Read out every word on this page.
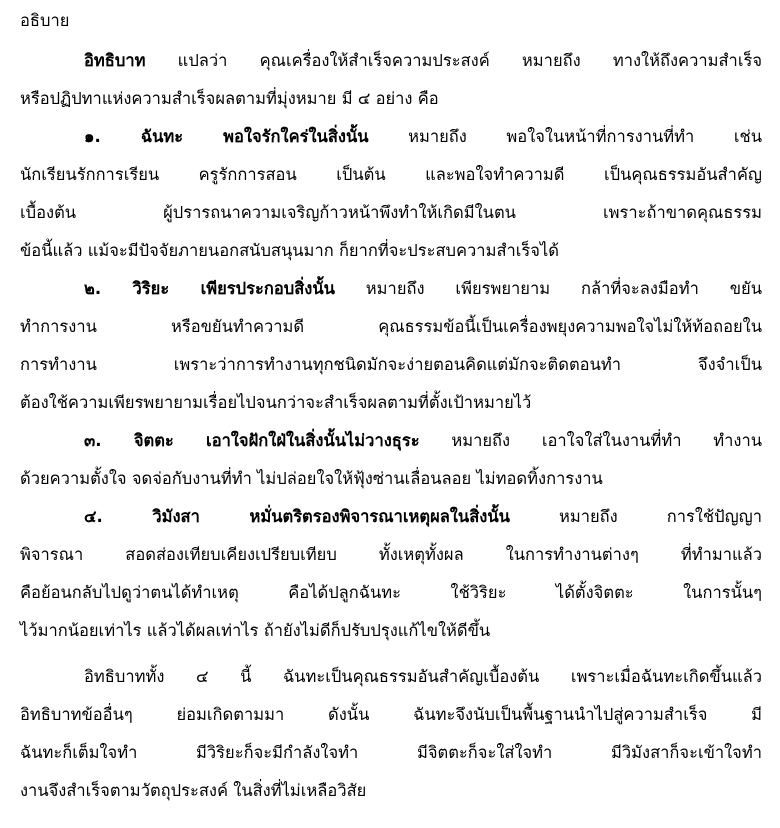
อธิบาย
อิทธิบาท แปลว่า คุณเครื่องให้สำเร็จความประสงค์ หมายถึง ทางให้ถึงความสำเร็จ
หรือปฏิปทาแห่งความสำเร็จผลตามที่มุ่งหมาย มี ๔ อย่าง คือ
๑. ฉันทะ พอใจรักใคร่ในสิ่งนั้น หมายถึง พอใจในหน้าที่การงานที่ทำ เช่น
นักเรียนรักการเรียน ครูรักการสอน เป็นต้น และพอใจทำความดี เป็นคุณธรรมอันสำคัญ
เบื้องต้น ผู้ปรารถนาความเจริญก้าวหน้าพึงทำให้เกิดมีในตน เพราะถ้าขาดคุณธรรม
ข้อนี้แล้ว แม้จะมีปัจจัยภายนอกสนับสนุนมาก ก็ยากที่จะประสบความสำเร็จได้
๒. วิริยะ เพียรประกอบสิ่งนั้น หมายถึง เพียรพยายาม กล้าที่จะลงมือทำ ขยัน
ทำการงาน หรือขยันทำความดี คุณธรรมข้อนี้เป็นเครื่องพยุงความพอใจไม่ให้ท้อถอยใน
การทำงาน เพราะว่าการทำงานทุกชนิดมักจะง่ายตอนคิดแต่มักจะติดตอนทำ จึงจำเป็น
ต้องใช้ความเพียรพยายามเรื่อยไปจนกว่าจะสำเร็จผลตามที่ตั้งเป้าหมายไว้
๓. จิตตะ เอาใจฝักใฝ่ในสิ่งนั้นไม่วางธุระ หมายถึง เอาใจใส่ในงานที่ทำ ทำงาน
ด้วยความตั้งใจ จดจ่อกับงานที่ทำ ไม่ปล่อยใจให้ฟุ้งซ่านเลื่อนลอย ไม่ทอดทิ้งการงาน
๔. วิมังสา หมั่นตริตรองพิจารณาเหตุผลในสิ่งนั้น หมายถึง การใช้ปัญญา
พิจารณา สอดส่องเทียบเคียงเปรียบเทียบ ทั้งเหตุทั้งผล ในการทำงานต่างๆ ที่ทำมาแล้ว
คือย้อนกลับไปดูว่าตนได้ทำเหตุ คือได้ปลูกฉันทะ ใช้วิริยะ ได้ตั้งจิตตะ ในการนั้นๆ
ไว้มากน้อยเท่าไร แล้วได้ผลเท่าไร ถ้ายังไม่ดีก็ปรับปรุงแก้ไขให้ดีขึ้น
อิทธิบาททั้ง ๔ นี้ ฉันทะเป็นคุณธรรมอันสำคัญเบื้องต้น เพราะเมื่อฉันทะเกิดขึ้นแล้ว
อิทธิบาทข้ออื่นๆ ย่อมเกิดตามมา ดังนั้น ฉันทะจึงนับเป็นพื้นฐานนำไปสู่ความสำเร็จ มี
ฉันทะก็เต็มใจทำ มีวิริยะก็จะมีกำลังใจทำ มีจิตตะก็จะใส่ใจทำ มีวิมังสาก็จะเข้าใจทำ
งานจึงสำเร็จตามวัตถุประสงค์ ในสิ่งที่ไม่เหลือวิสัย
